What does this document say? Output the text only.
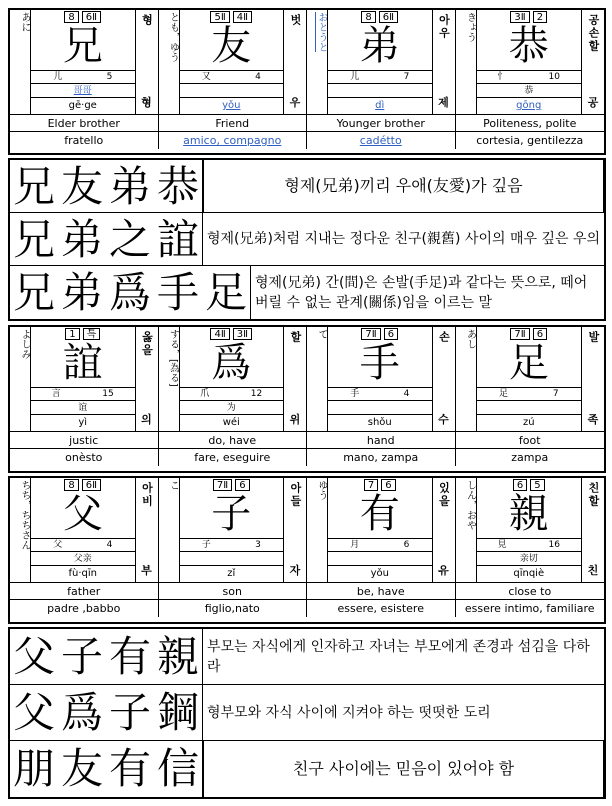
あに	8	6Ⅱ
兄
儿	5
哥哥
gē·ge
형
형
Elder brother
fratello
とも，ゆう	5Ⅱ	4Ⅱ
友
又	4

yǒu
벗
우
Friend
amico, compagno
おとうと	8	6Ⅱ
弟
儿	7

dì
아우
제
Younger brother
cadétto
きょう	3Ⅱ	2
恭
忄	10
恭
gōng
공손할
공
Politeness, polite
cortesia, gentilezza
兄 友 弟 恭	형제(兄弟)끼리 우애(友愛)가 깊음
兄 弟 之 誼 형제(兄弟)처럼 지내는 정다운 친구(親舊) 사이의 매우 깊은 우의
兄 弟 爲 手 足 형제(兄弟) 간(間)은 손발(手足)과 같다는 뜻으로, 떼어버릴 수 없는 관계(關係)임을 이르는 말
よしみ	1	특
誼
言	15
谊
yì
옳을
의
justic
onèsto
する，[為る]	4Ⅱ	3Ⅱ
爲
爪	12
为
wéi
할
위
do, have
fare, eseguire
て	7Ⅱ	6
手
手	4

shǒu
손
수
hand
mano, zampa
あし	7Ⅱ	6
足
足	7

zú
발
족
foot
zampa
ちち，ちちさん	8	6Ⅱ
父
父	4
父亲
fù·qīn
아비
부
father
padre ,babbo
こ	7Ⅱ	6
子
子	3

zǐ
아들
자
son
figlio,nato
ゆう	7	6
有
月	6

yǒu
있을
유
be, have
essere, esistere
しん，おや	6	5
親
見	16
亲切
qīnqiè
친할
친
close to
essere intimo, familiare
父 子 有 親 부모는 자식에게 인자하고 자녀는 부모에게 존경과 섬김을 다하라
父 爲 子 鋼 형부모와 자식 사이에 지켜야 하는 떳떳한 도리
朋 友 有 信	친구 사이에는 믿음이 있어야 함
